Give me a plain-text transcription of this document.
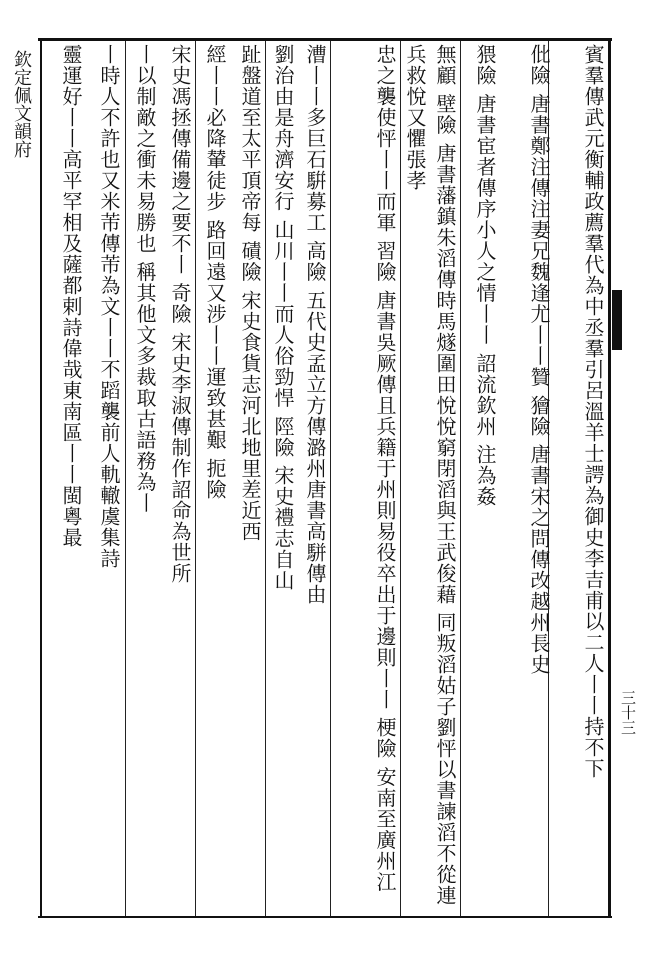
欽定佩文韻府
三十三
賓羣傳武元衡輔政薦羣代為中丞羣引呂溫羊士諤為御史李吉甫以二人丨丨持不下
仳險 唐書鄭注傳注妻兄魏逢尤丨丨贊 獪險 唐書宋之問傳改越州長史
猥險 唐書宦者傳序小人之情丨丨 詔流欽州 注為姦
無顧 壁險 唐書藩鎮朱滔傳時馬燧圍田悅悅窮閉滔與王武俊藉 同叛滔姑子劉怦以書諫滔不從連兵救悅又懼張孝
忠之襲使怦丨丨而軍 習險 唐書吳厥傳且兵籍于州則易役卒出于邊則丨丨 梗險 安南至廣州江
漕丨丨多巨石騈募工 高險 五代史孟立方傳潞州唐書高駢傳由
劉治由是舟濟安行 山川丨丨而人俗勁悍 陘險 宋史禮志自山
趾盤道至太平頂帝每 磧險 宋史食貨志河北地里差近西
經丨丨必降輦徒步 路回遠又涉丨丨運致甚艱 扼險
宋史馮拯傳備邊之要不丨 奇險 宋史李淑傳制作詔命為世所
丨以制敵之衝未易勝也 稱其他文多裁取古語務為丨
丨時人不許也又米芾傳芾為文丨丨不蹈襲前人軌轍虞集詩
靈運好丨丨高平罕相及薩都剌詩偉哉東南區丨丨閩粵最
